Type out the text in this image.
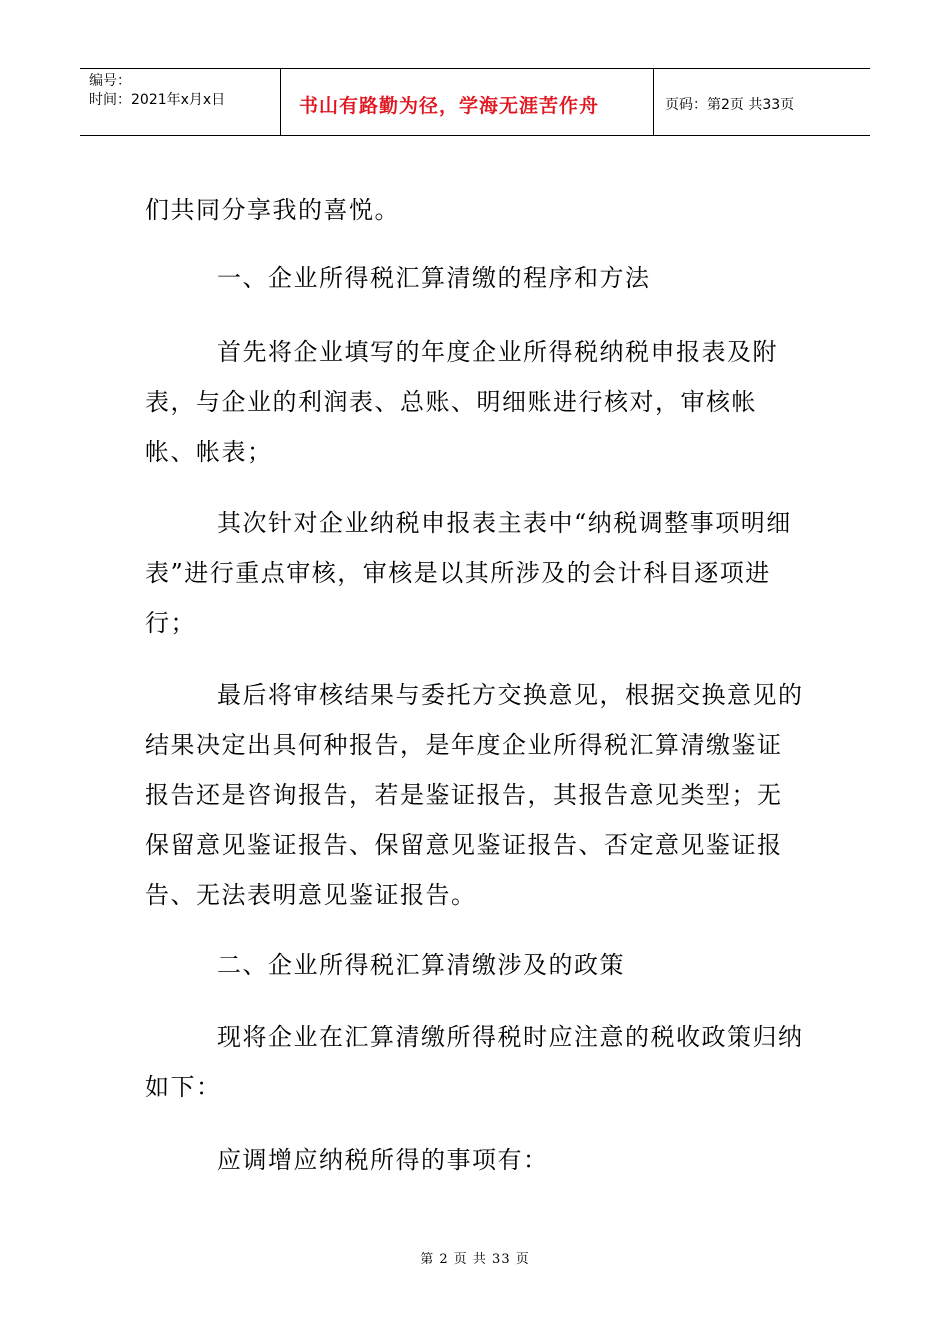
编号：
时间：2021年x月x日	书山有路勤为径，学海无涯苦作舟	页码：第2页 共33页

们共同分享我的喜悦。

一、企业所得税汇算清缴的程序和方法

首先将企业填写的年度企业所得税纳税申报表及附表，与企业的利润表、总账、明细账进行核对，审核帐帐、帐表；

其次针对企业纳税申报表主表中“纳税调整事项明细表”进行重点审核，审核是以其所涉及的会计科目逐项进行；

最后将审核结果与委托方交换意见，根据交换意见的结果决定出具何种报告，是年度企业所得税汇算清缴鉴证报告还是咨询报告，若是鉴证报告，其报告意见类型；无保留意见鉴证报告、保留意见鉴证报告、否定意见鉴证报告、无法表明意见鉴证报告。

二、企业所得税汇算清缴涉及的政策

现将企业在汇算清缴所得税时应注意的税收政策归纳如下：

应调增应纳税所得的事项有：

第 2 页 共 33 页
